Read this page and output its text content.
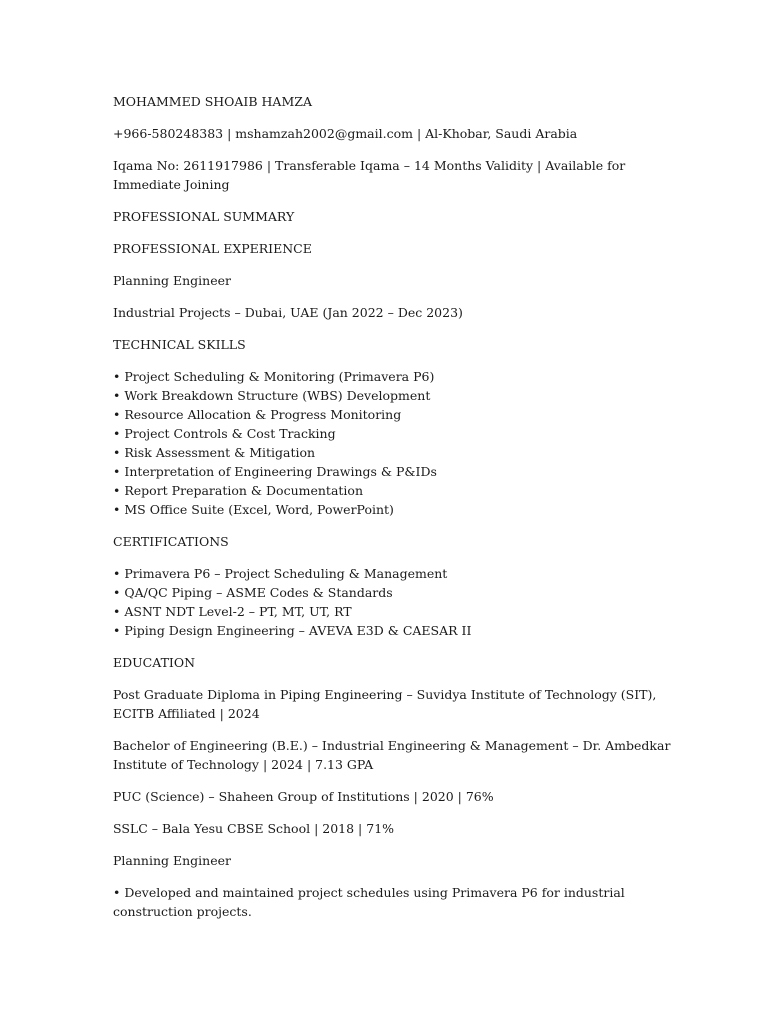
MOHAMMED SHOAIB HAMZA

+966-580248383 | mshamzah2002@gmail.com | Al-Khobar, Saudi Arabia

Iqama No: 2611917986 | Transferable Iqama – 14 Months Validity | Available for Immediate Joining

PROFESSIONAL SUMMARY

PROFESSIONAL EXPERIENCE

Planning Engineer

Industrial Projects – Dubai, UAE (Jan 2022 – Dec 2023)

TECHNICAL SKILLS

• Project Scheduling & Monitoring (Primavera P6)
• Work Breakdown Structure (WBS) Development
• Resource Allocation & Progress Monitoring
• Project Controls & Cost Tracking
• Risk Assessment & Mitigation
• Interpretation of Engineering Drawings & P&IDs
• Report Preparation & Documentation
• MS Office Suite (Excel, Word, PowerPoint)

CERTIFICATIONS

• Primavera P6 – Project Scheduling & Management
• QA/QC Piping – ASME Codes & Standards
• ASNT NDT Level-2 – PT, MT, UT, RT
• Piping Design Engineering – AVEVA E3D & CAESAR II

EDUCATION

Post Graduate Diploma in Piping Engineering – Suvidya Institute of Technology (SIT), ECITB Affiliated | 2024

Bachelor of Engineering (B.E.) – Industrial Engineering & Management – Dr. Ambedkar Institute of Technology | 2024 | 7.13 GPA

PUC (Science) – Shaheen Group of Institutions | 2020 | 76%

SSLC – Bala Yesu CBSE School | 2018 | 71%

Planning Engineer

• Developed and maintained project schedules using Primavera P6 for industrial construction projects.
